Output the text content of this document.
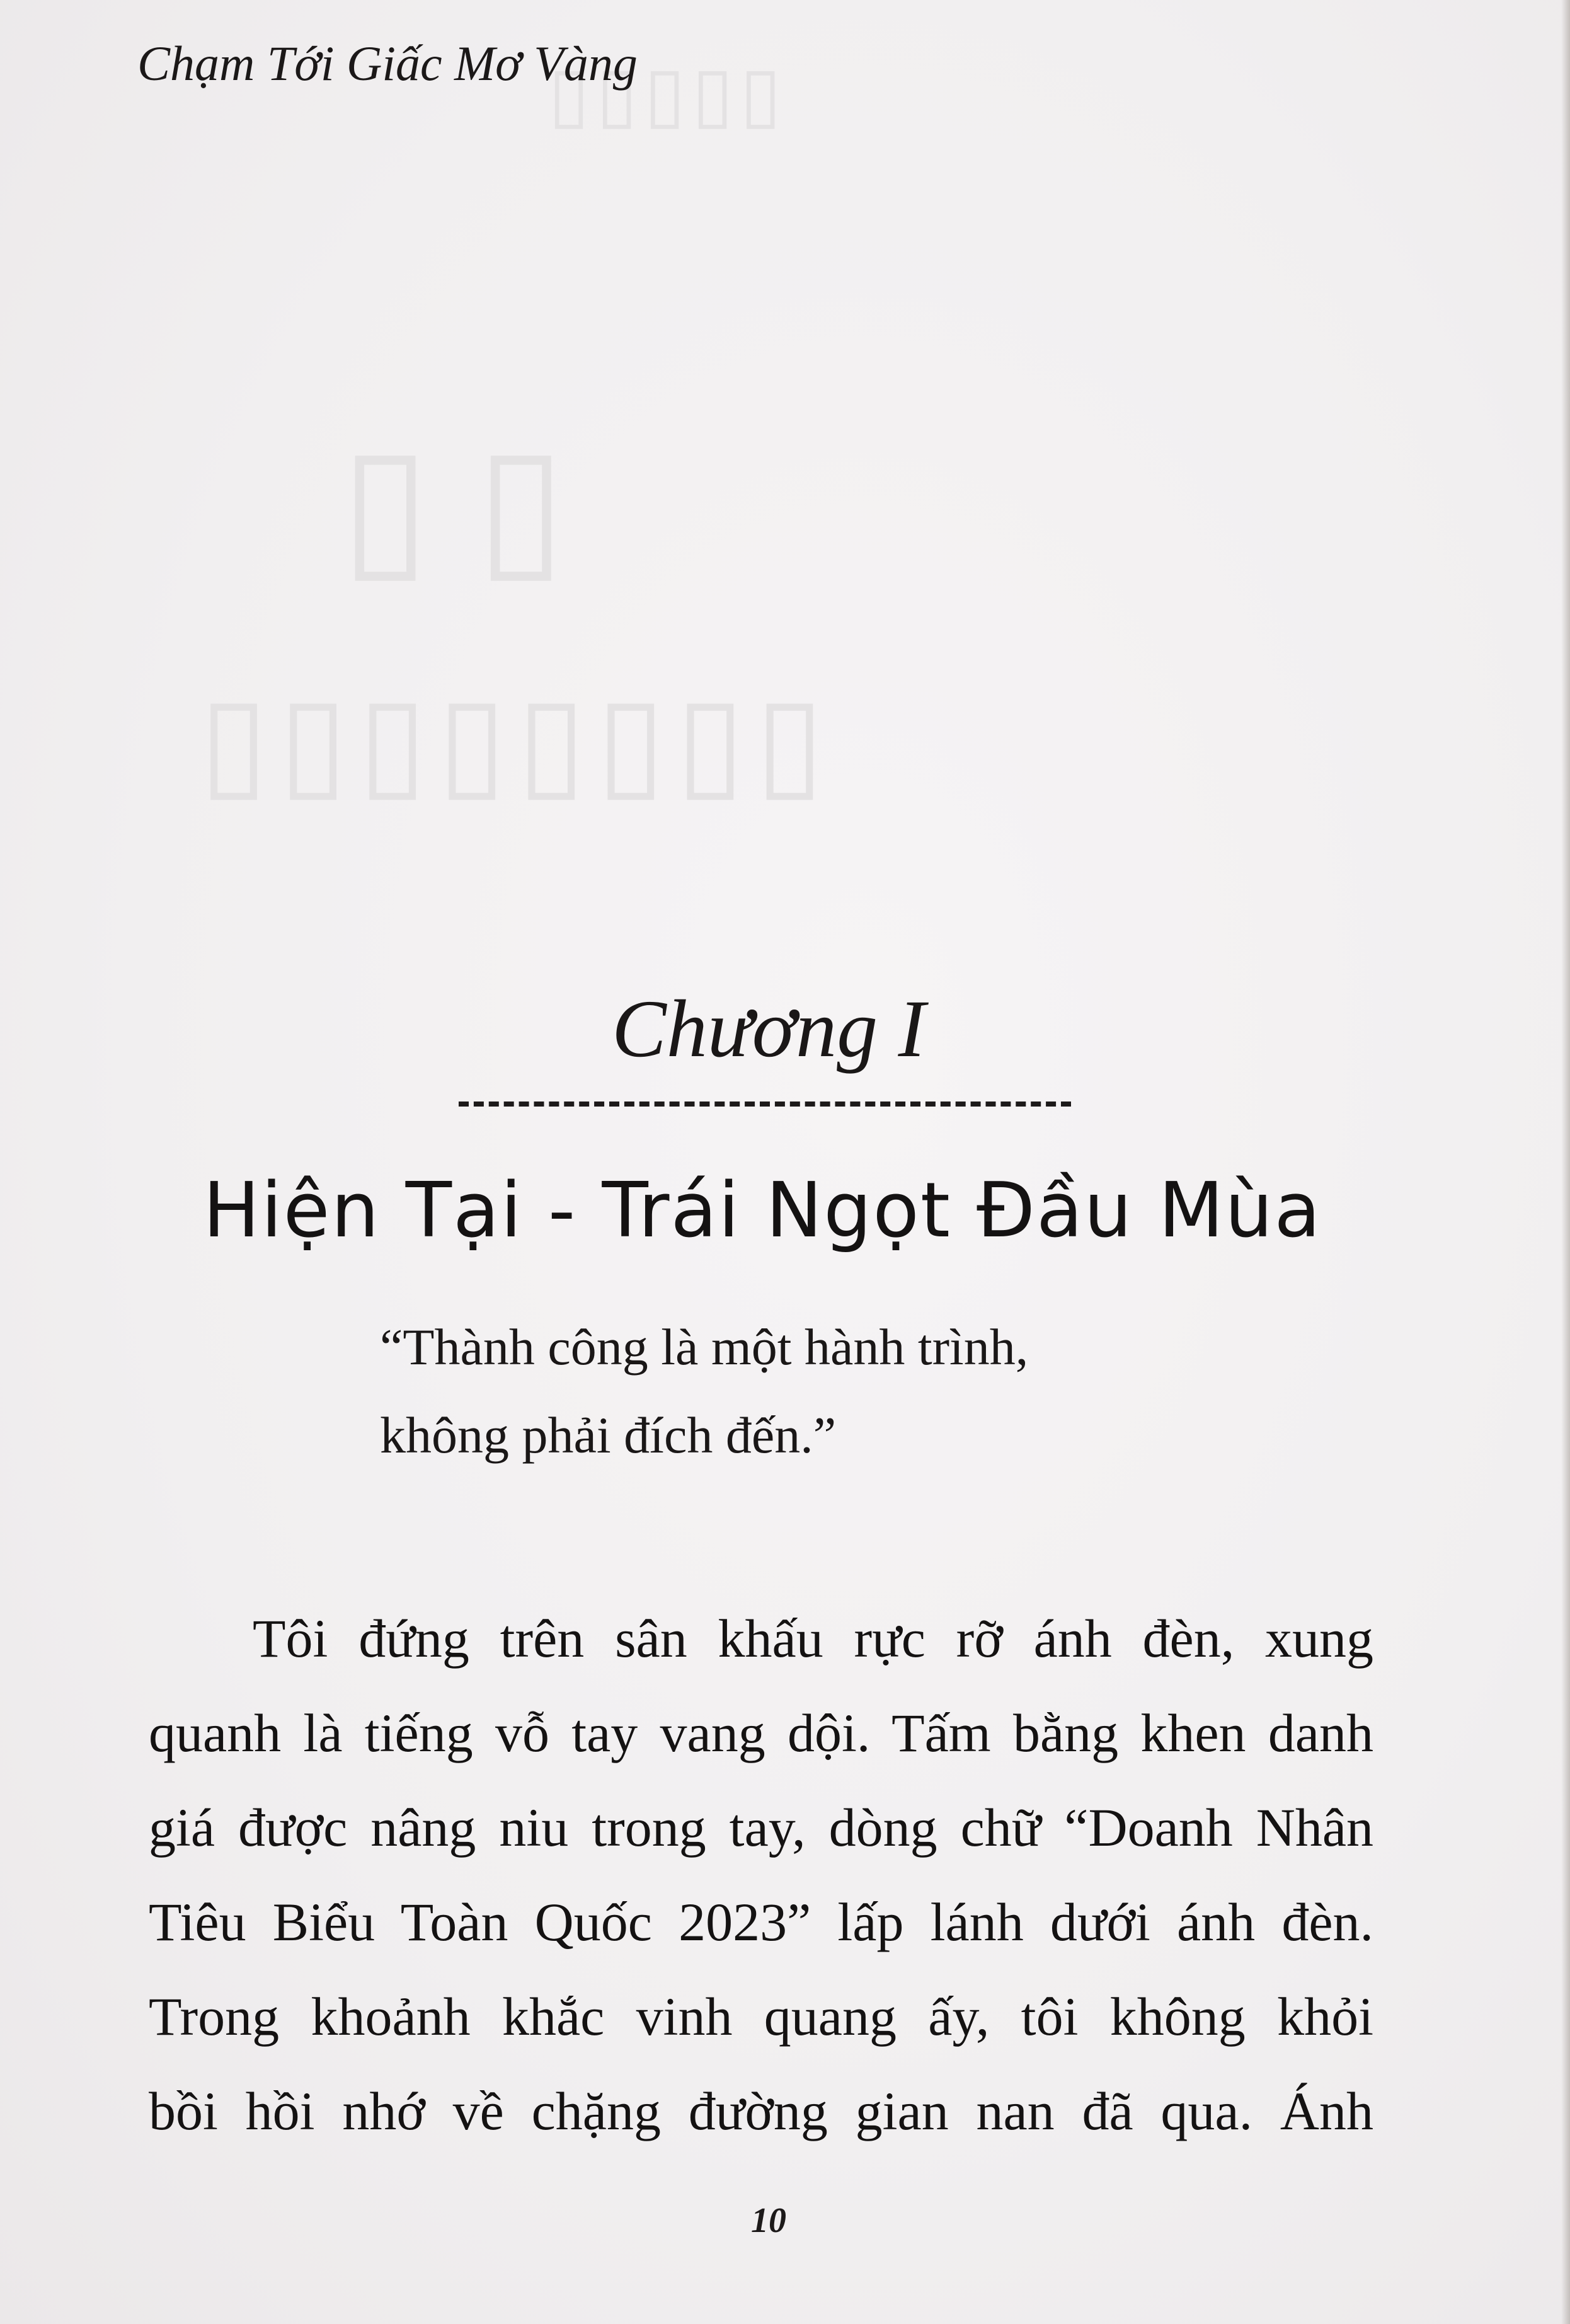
▯▯▯▯▯
▯ ▯
▯▯▯▯▯▯▯▯
Chạm Tới Giấc Mơ Vàng
Chương I
Hiện Tại - Trái Ngọt Đầu Mùa
“Thành công là một hành trình,
không phải đích đến.”
Tôi đứng trên sân khấu rực rỡ ánh đèn, xung
quanh là tiếng vỗ tay vang dội. Tấm bằng khen danh
giá được nâng niu trong tay, dòng chữ “Doanh Nhân
Tiêu Biểu Toàn Quốc 2023” lấp lánh dưới ánh đèn.
Trong khoảnh khắc vinh quang ấy, tôi không khỏi
bồi hồi nhớ về chặng đường gian nan đã qua. Ánh
10
